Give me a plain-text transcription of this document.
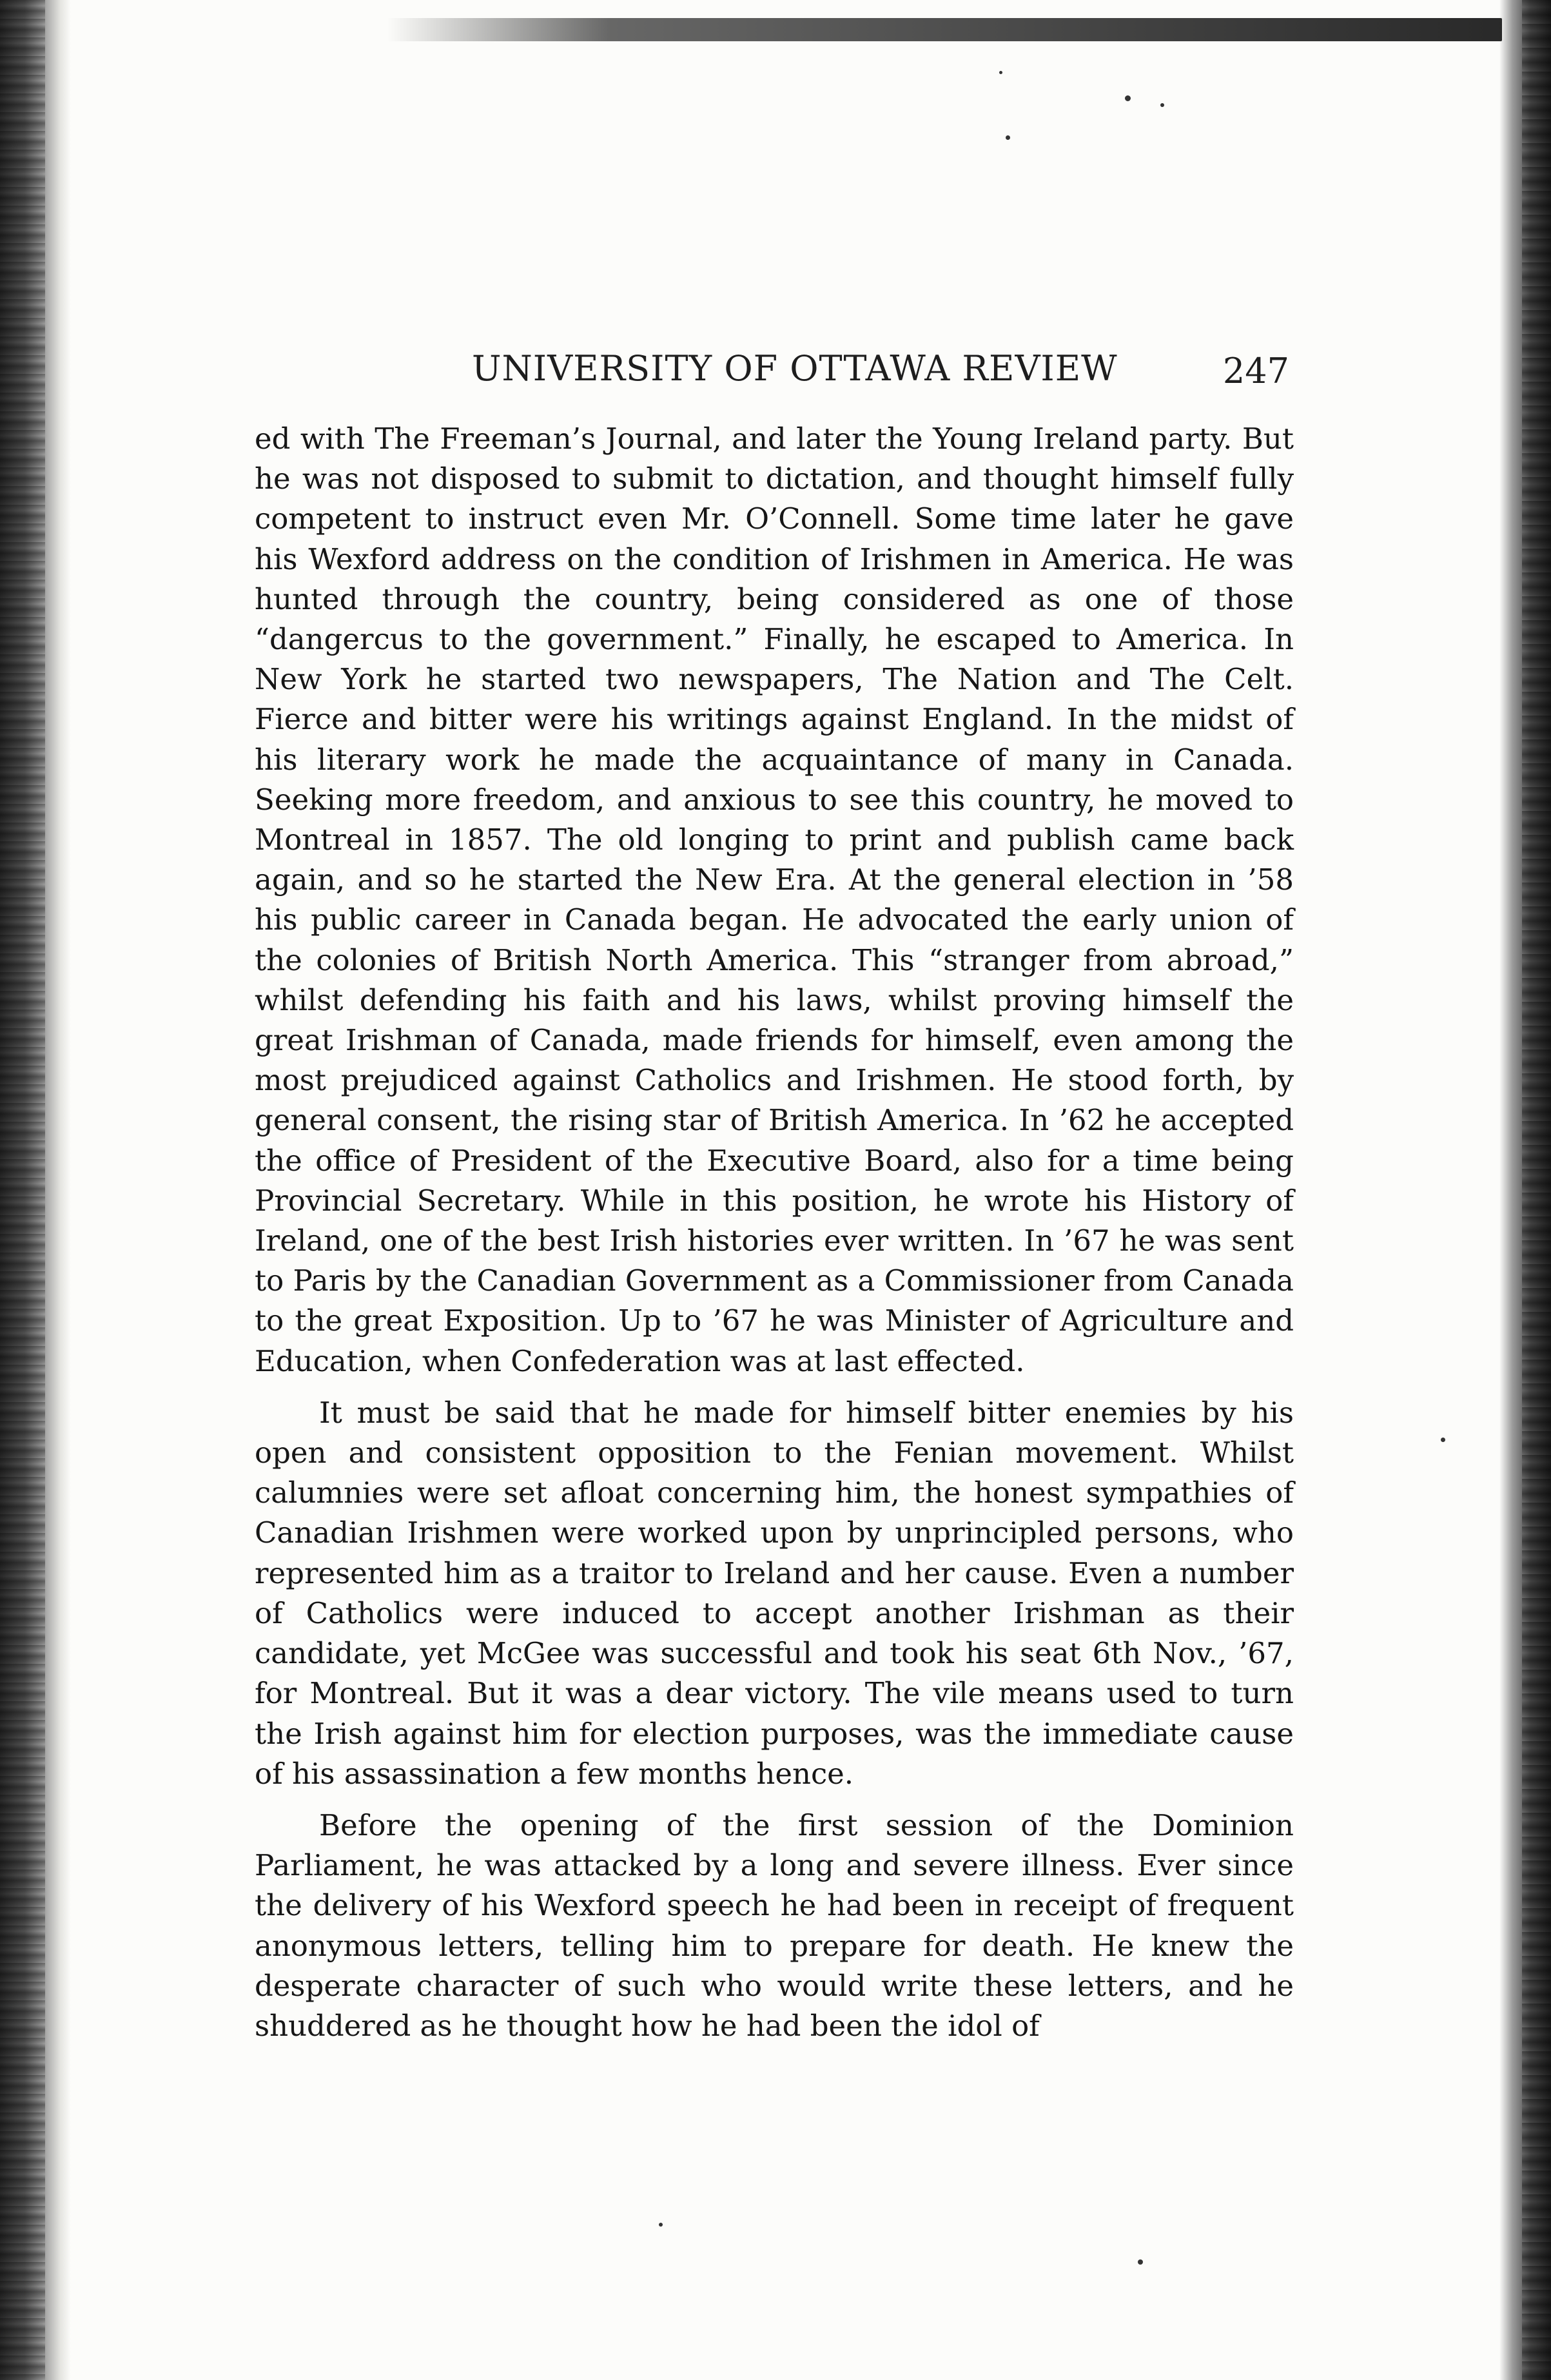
UNIVERSITY OF OTTAWA REVIEW	247

ed with The Freeman’s Journal, and later the Young Ireland party. But he was not disposed to submit to dictation, and thought himself fully competent to instruct even Mr. O’Connell. Some time later he gave his Wexford address on the condition of Irishmen in America. He was hunted through the country, being considered as one of those “dangercus to the government.” Finally, he escaped to America. In New York he started two newspapers, The Nation and The Celt. Fierce and bitter were his writings against England. In the midst of his literary work he made the acquaintance of many in Canada. Seeking more freedom, and anxious to see this country, he moved to Montreal in 1857. The old longing to print and publish came back again, and so he started the New Era. At the general election in ’58 his public career in Canada began. He advocated the early union of the colonies of British North America. This “stranger from abroad,” whilst defending his faith and his laws, whilst proving himself the great Irishman of Canada, made friends for himself, even among the most prejudiced against Catholics and Irishmen. He stood forth, by general consent, the rising star of British America. In ’62 he accepted the office of President of the Executive Board, also for a time being Provincial Secretary. While in this position, he wrote his History of Ireland, one of the best Irish histories ever written. In ’67 he was sent to Paris by the Canadian Government as a Commissioner from Canada to the great Exposition. Up to ’67 he was Minister of Agriculture and Education, when Confederation was at last effected.

It must be said that he made for himself bitter enemies by his open and consistent opposition to the Fenian movement. Whilst calumnies were set afloat concerning him, the honest sympathies of Canadian Irishmen were worked upon by unprincipled persons, who represented him as a traitor to Ireland and her cause. Even a number of Catholics were induced to accept another Irishman as their candidate, yet McGee was successful and took his seat 6th Nov., ’67, for Montreal. But it was a dear victory. The vile means used to turn the Irish against him for election purposes, was the immediate cause of his assassination a few months hence.

Before the opening of the first session of the Dominion Parliament, he was attacked by a long and severe illness. Ever since the delivery of his Wexford speech he had been in receipt of frequent anonymous letters, telling him to prepare for death. He knew the desperate character of such who would write these letters, and he shuddered as he thought how he had been the idol of
